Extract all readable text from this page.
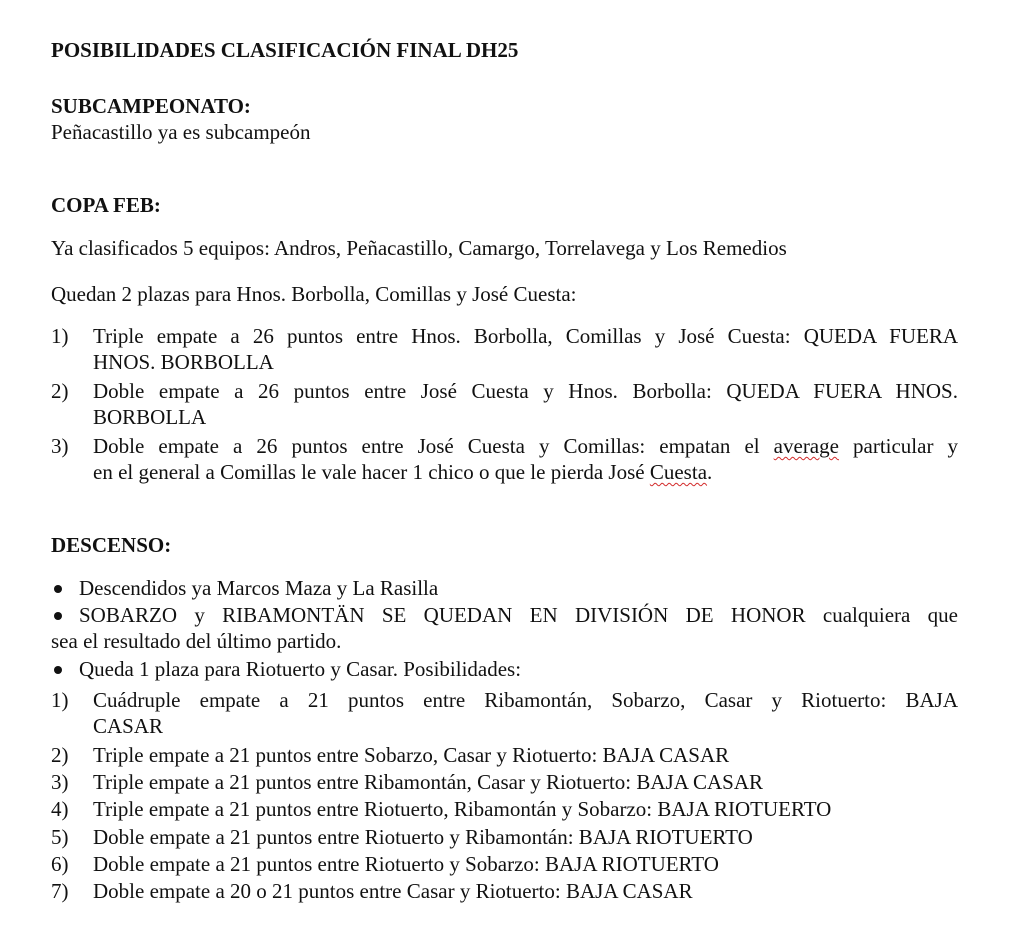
POSIBILIDADES CLASIFICACIÓN FINAL DH25
SUBCAMPEONATO:
Peñacastillo ya es subcampeón
COPA FEB:
Ya clasificados 5 equipos: Andros, Peñacastillo, Camargo, Torrelavega y Los Remedios
Quedan 2 plazas para Hnos. Borbolla, Comillas y José Cuesta:
1) Triple empate a 26 puntos entre Hnos. Borbolla, Comillas y José Cuesta: QUEDA FUERA
HNOS. BORBOLLA
2) Doble empate a 26 puntos entre José Cuesta y Hnos. Borbolla: QUEDA FUERA HNOS.
BORBOLLA
3) Doble empate a 26 puntos entre José Cuesta y Comillas: empatan el average particular y
en el general a Comillas le vale hacer 1 chico o que le pierda José Cuesta.
DESCENSO:
Descendidos ya Marcos Maza y La Rasilla
SOBARZO y RIBAMONTÄN SE QUEDAN EN DIVISIÓN DE HONOR cualquiera que
sea el resultado del último partido.
Queda 1 plaza para Riotuerto y Casar. Posibilidades:
1) Cuádruple empate a 21 puntos entre Ribamontán, Sobarzo, Casar y Riotuerto: BAJA
CASAR
2) Triple empate a 21 puntos entre Sobarzo, Casar y Riotuerto: BAJA CASAR
3) Triple empate a 21 puntos entre Ribamontán, Casar y Riotuerto: BAJA CASAR
4) Triple empate a 21 puntos entre Riotuerto, Ribamontán y Sobarzo: BAJA RIOTUERTO
5) Doble empate a 21 puntos entre Riotuerto y Ribamontán: BAJA RIOTUERTO
6) Doble empate a 21 puntos entre Riotuerto y Sobarzo: BAJA RIOTUERTO
7) Doble empate a 20 o 21 puntos entre Casar y Riotuerto: BAJA CASAR
